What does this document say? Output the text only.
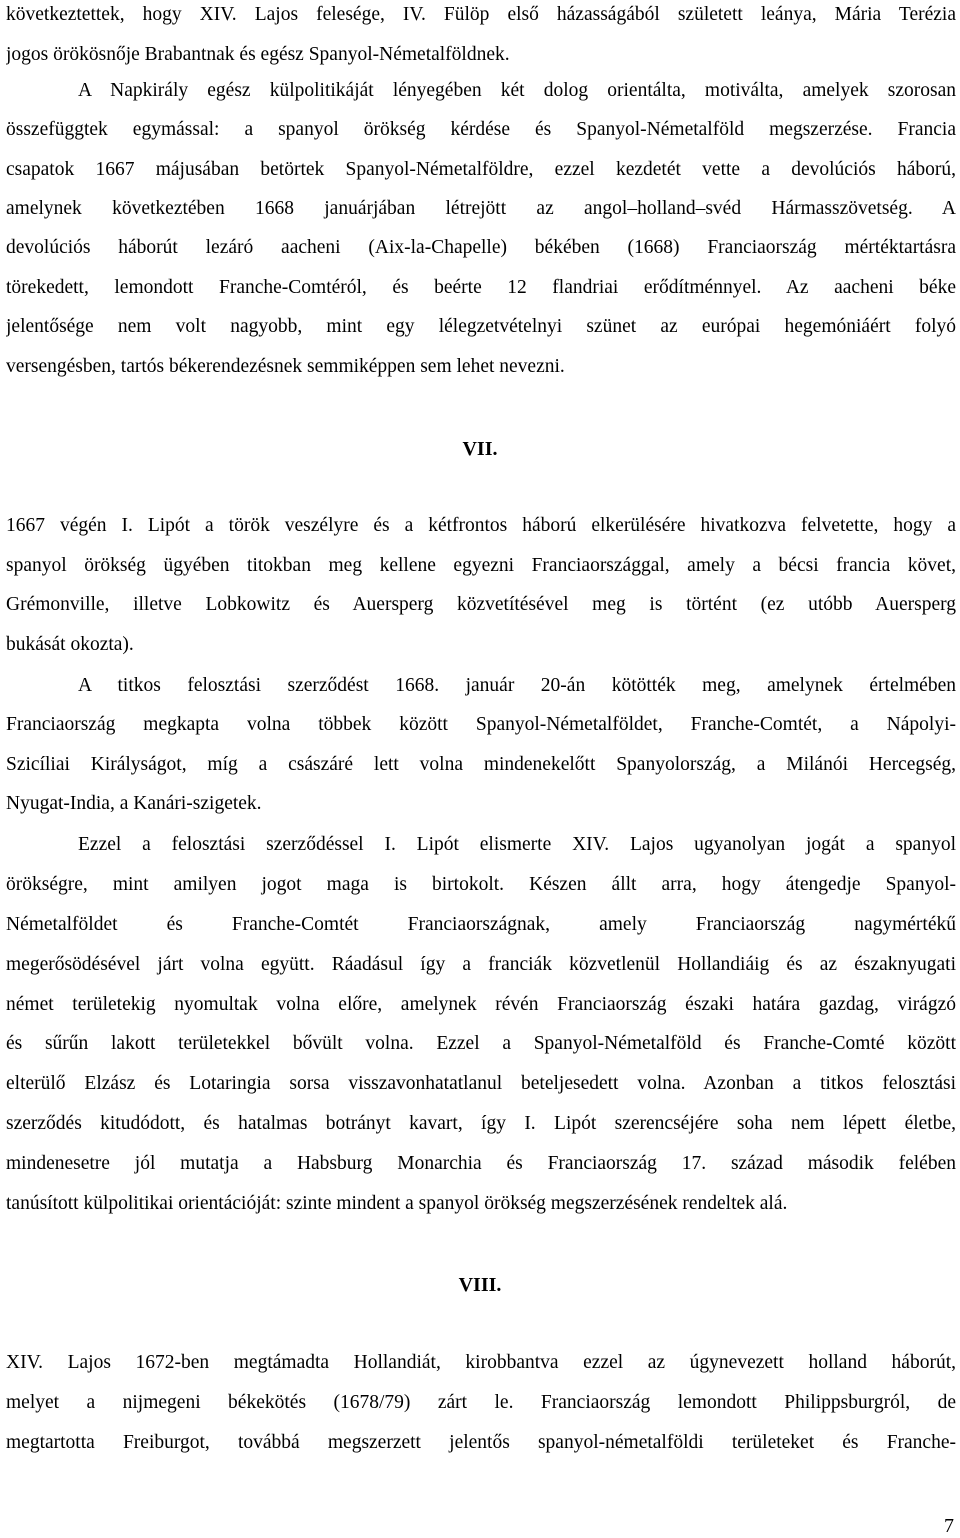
következtettek, hogy XIV. Lajos felesége, IV. Fülöp első házasságából született leánya, Mária Terézia
jogos örökösnője Brabantnak és egész Spanyol-Németalföldnek.
A Napkirály egész külpolitikáját lényegében két dolog orientálta, motiválta, amelyek szorosan
összefüggtek egymással: a spanyol örökség kérdése és Spanyol-Németalföld megszerzése. Francia
csapatok 1667 májusában betörtek Spanyol-Németalföldre, ezzel kezdetét vette a devolúciós háború,
amelynek következtében 1668 januárjában létrejött az angol–holland–svéd Hármasszövetség. A
devolúciós háborút lezáró aacheni (Aix-la-Chapelle) békében (1668) Franciaország mértéktartásra
törekedett, lemondott Franche-Comtéról, és beérte 12 flandriai erődítménnyel. Az aacheni béke
jelentősége nem volt nagyobb, mint egy lélegzetvételnyi szünet az európai hegemóniáért folyó
versengésben, tartós békerendezésnek semmiképpen sem lehet nevezni.
VII.
1667 végén I. Lipót a török veszélyre és a kétfrontos háború elkerülésére hivatkozva felvetette, hogy a
spanyol örökség ügyében titokban meg kellene egyezni Franciaországgal, amely a bécsi francia követ,
Grémonville, illetve Lobkowitz és Auersperg közvetítésével meg is történt (ez utóbb Auersperg
bukását okozta).
A titkos felosztási szerződést 1668. január 20-án kötötték meg, amelynek értelmében
Franciaország megkapta volna többek között Spanyol-Németalföldet, Franche-Comtét, a Nápolyi-
Szicíliai Királyságot, míg a császáré lett volna mindenekelőtt Spanyolország, a Milánói Hercegség,
Nyugat-India, a Kanári-szigetek.
Ezzel a felosztási szerződéssel I. Lipót elismerte XIV. Lajos ugyanolyan jogát a spanyol
örökségre, mint amilyen jogot maga is birtokolt. Készen állt arra, hogy átengedje Spanyol-
Németalföldet és Franche-Comtét Franciaországnak, amely Franciaország nagymértékű
megerősödésével járt volna együtt. Ráadásul így a franciák közvetlenül Hollandiáig és az északnyugati
német területekig nyomultak volna előre, amelynek révén Franciaország északi határa gazdag, virágzó
és sűrűn lakott területekkel bővült volna. Ezzel a Spanyol-Németalföld és Franche-Comté között
elterülő Elzász és Lotaringia sorsa visszavonhatatlanul beteljesedett volna. Azonban a titkos felosztási
szerződés kitudódott, és hatalmas botrányt kavart, így I. Lipót szerencséjére soha nem lépett életbe,
mindenesetre jól mutatja a Habsburg Monarchia és Franciaország 17. század második felében
tanúsított külpolitikai orientációját: szinte mindent a spanyol örökség megszerzésének rendeltek alá.
VIII.
XIV. Lajos 1672-ben megtámadta Hollandiát, kirobbantva ezzel az úgynevezett holland háborút,
melyet a nijmegeni békekötés (1678/79) zárt le. Franciaország lemondott Philippsburgról, de
megtartotta Freiburgot, továbbá megszerzett jelentős spanyol-németalföldi területeket és Franche-
7
